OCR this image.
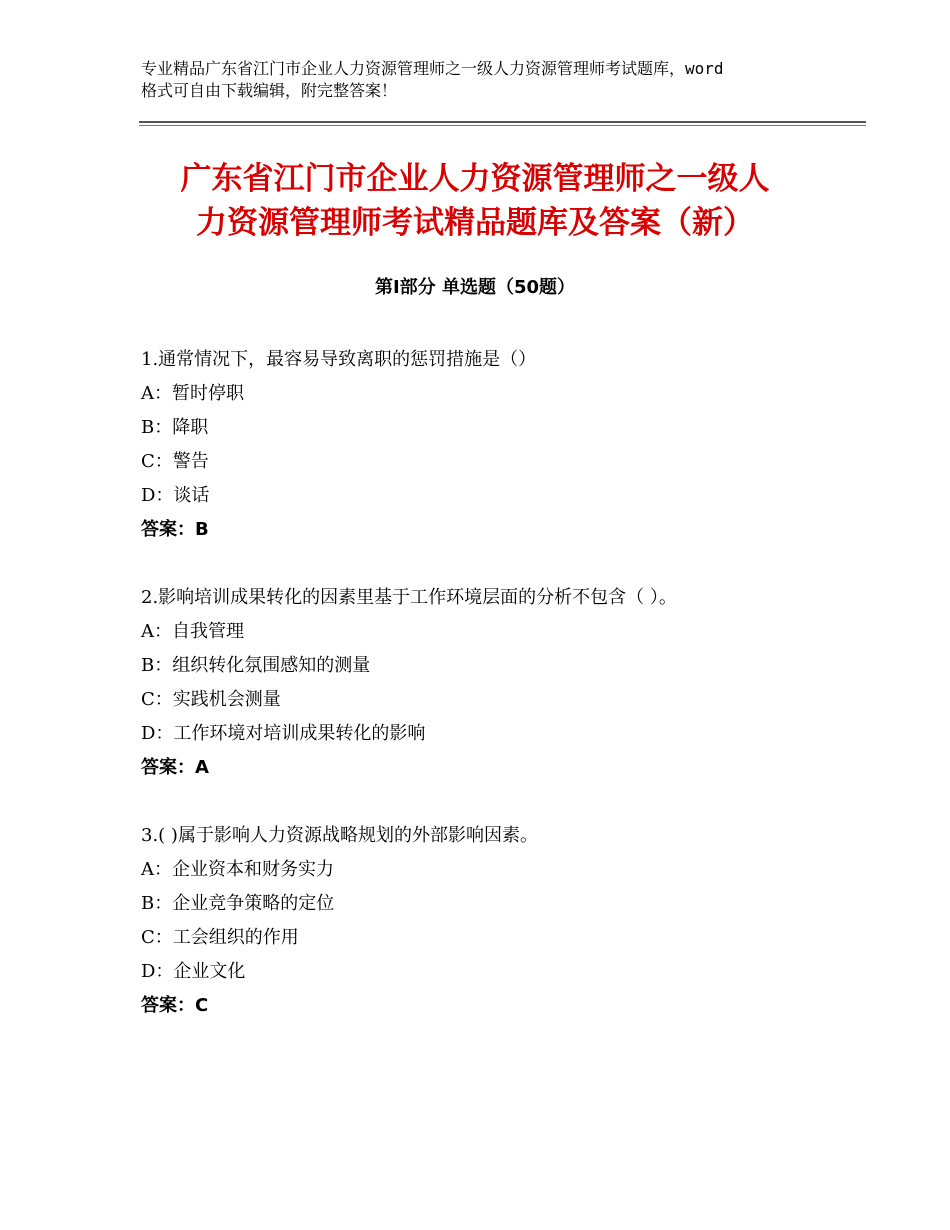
专业精品广东省江门市企业人力资源管理师之一级人力资源管理师考试题库，word
格式可自由下载编辑，附完整答案！
广东省江门市企业人力资源管理师之一级人
力资源管理师考试精品题库及答案（新）
第Ⅰ部分 单选题（50题）
1.通常情况下，最容易导致离职的惩罚措施是（）
A：暂时停职
B：降职
C：警告
D：谈话
答案：B
2.影响培训成果转化的因素里基于工作环境层面的分析不包含（ ）。
A：自我管理
B：组织转化氛围感知的测量
C：实践机会测量
D：工作环境对培训成果转化的影响
答案：A
3.( )属于影响人力资源战略规划的外部影响因素。
A：企业资本和财务实力
B：企业竞争策略的定位
C：工会组织的作用
D：企业文化
答案：C
